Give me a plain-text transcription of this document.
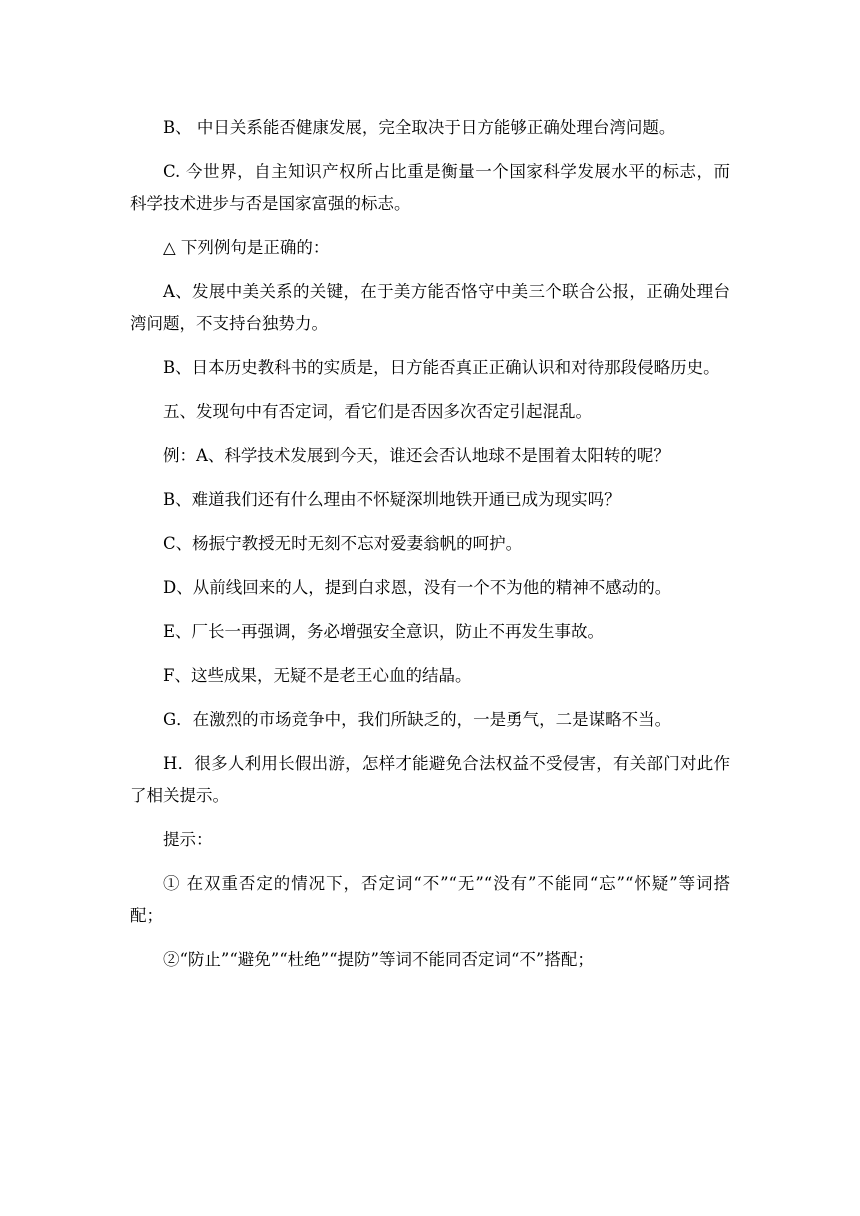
B、 中日关系能否健康发展，完全取决于日方能够正确处理台湾问题。

C. 今世界，自主知识产权所占比重是衡量一个国家科学发展水平的标志，而科学技术进步与否是国家富强的标志。

△ 下列例句是正确的：

A、发展中美关系的关键，在于美方能否恪守中美三个联合公报，正确处理台湾问题，不支持台独势力。

B、日本历史教科书的实质是，日方能否真正正确认识和对待那段侵略历史。

五、发现句中有否定词，看它们是否因多次否定引起混乱。

例：A、科学技术发展到今天，谁还会否认地球不是围着太阳转的呢？

B、难道我们还有什么理由不怀疑深圳地铁开通已成为现实吗？

C、杨振宁教授无时无刻不忘对爱妻翁帆的呵护。

D、从前线回来的人，提到白求恩，没有一个不为他的精神不感动的。

E、厂长一再强调，务必增强安全意识，防止不再发生事故。

F、这些成果，无疑不是老王心血的结晶。

G．在激烈的市场竞争中，我们所缺乏的，一是勇气，二是谋略不当。

H．很多人利用长假出游，怎样才能避免合法权益不受侵害，有关部门对此作了相关提示。

提示：

① 在双重否定的情况下，否定词“不”“无”“没有”不能同“忘”“怀疑”等词搭配；

②“防止”“避免”“杜绝”“提防”等词不能同否定词“不”搭配；
